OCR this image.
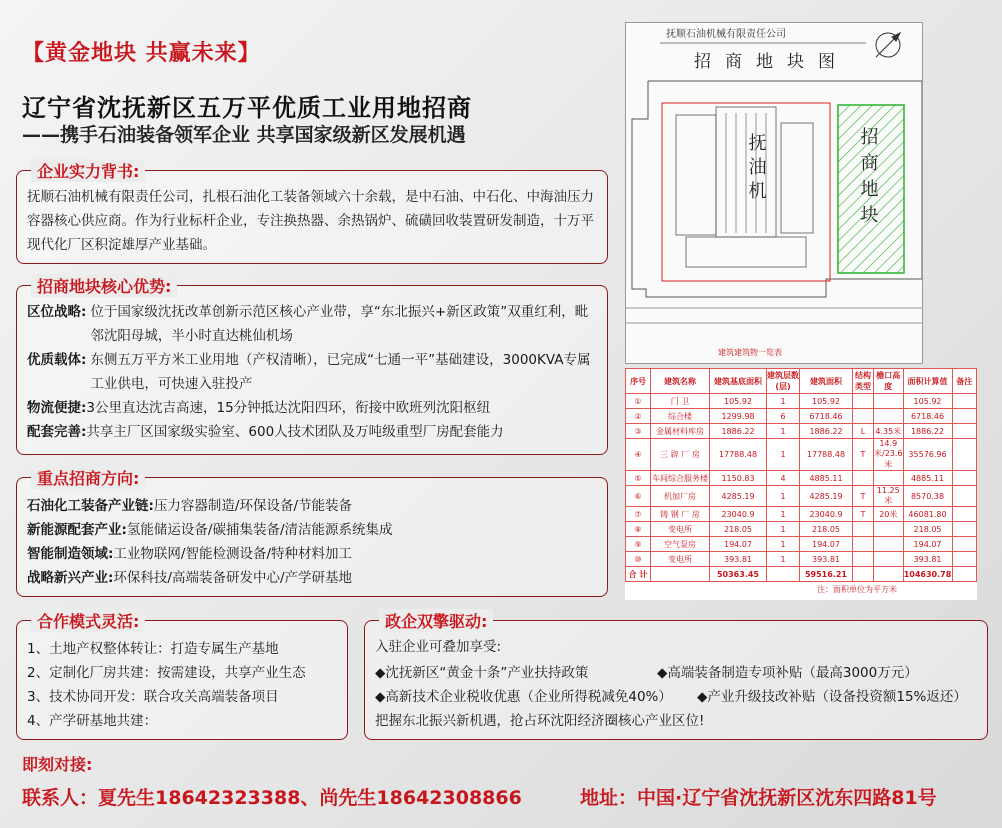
【黄金地块 共赢未来】
辽宁省沈抚新区五万平优质工业用地招商
——携手石油装备领军企业 共享国家级新区发展机遇
企业实力背书:
抚顺石油机械有限责任公司，扎根石油化工装备领域六十余载，是中石油、中石化、中海油压力容器核心供应商。作为行业标杆企业，专注换热器、余热锅炉、硫磺回收装置研发制造，十万平现代化厂区积淀雄厚产业基础。
招商地块核心优势:
区位战略: 位于国家级沈抚改革创新示范区核心产业带，享“东北振兴+新区政策”双重红利，毗邻沈阳母城，半小时直达桃仙机场
优质载体: 东侧五万平方米工业用地（产权清晰），已完成“七通一平”基础建设，3000KVA专属工业供电，可快速入驻投产
物流便捷: 3公里直达沈吉高速，15分钟抵达沈阳四环，衔接中欧班列沈阳枢纽
配套完善: 共享主厂区国家级实验室、600人技术团队及万吨级重型厂房配套能力
重点招商方向:
石油化工装备产业链:压力容器制造/环保设备/节能装备
新能源配套产业:氢能储运设备/碳捕集装备/清洁能源系统集成
智能制造领域:工业物联网/智能检测设备/特种材料加工
战略新兴产业:环保科技/高端装备研发中心/产学研基地
合作模式灵活:
1、土地产权整体转让：打造专属生产基地
2、定制化厂房共建：按需建设，共享产业生态
3、技术协同开发：联合攻关高端装备项目
4、产学研基地共建：
政企双擎驱动:
入驻企业可叠加享受:
◆沈抚新区“黄金十条”产业扶持政策	◆高端装备制造专项补贴（最高3000万元）
◆高新技术企业税收优惠（企业所得税减免40%）	◆产业升级技改补贴（设备投资额15%返还）
把握东北振兴新机遇，抢占环沈阳经济圈核心产业区位!
即刻对接:
联系人：夏先生18642323388、尚先生18642308866	地址：中国·辽宁省沈抚新区沈东四路81号
抚顺石油机械有限责任公司
招商地块图
抚油机	招商地块
建筑建筑物一览表
序号	建筑名称	建筑基底面积	建筑层数(层)	建筑面积	结构类型	檐口高度	面积计算值	备注
①	门 卫	105.92	1	105.92			105.92	
②	综合楼	1299.98	6	6718.46			6718.46	
③	金属材料库房	1886.22	1	1886.22	L	4.35米	1886.22	
④	三 辟 厂 房	17788.48	1	17788.48	T	14.9米/23.6米	35576.96	
⑤	车间综合服务楼	1150.83	4	4885.11			4885.11	
⑥	机加厂房	4285.19	1	4285.19	T	11.25米	8570.38	
⑦	铸 钢 厂 房	23040.9	1	23040.9	T	20米	46081.80	
⑧	变电所	218.05	1	218.05			218.05	
⑨	空气泵房	194.07	1	194.07			194.07	
⑩	变电所	393.81	1	393.81			393.81	
合 计		50363.45		59516.21			104630.78	
注：面积单位为平方米
